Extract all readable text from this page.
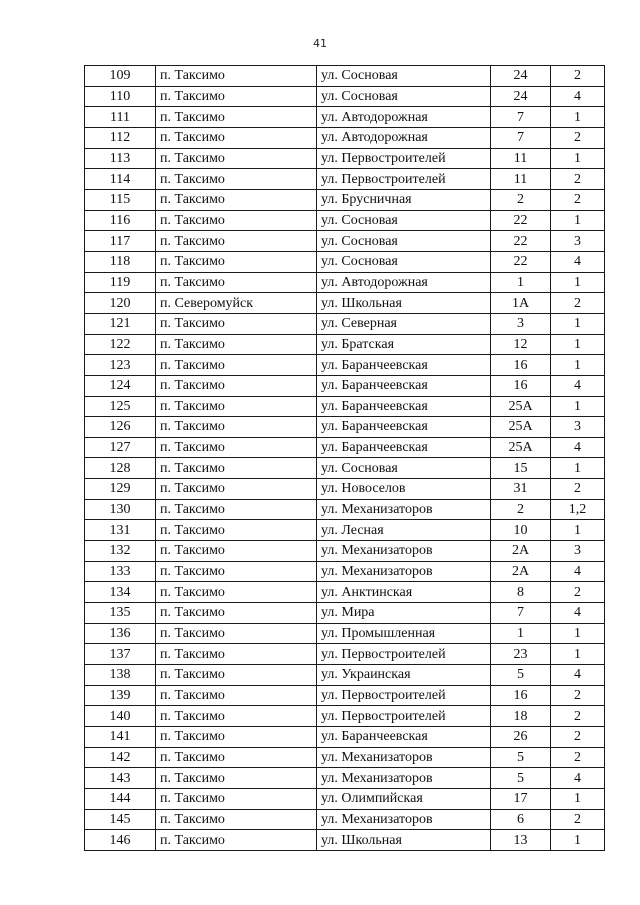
41
109	п. Таксимо	ул. Сосновая	24	2
110	п. Таксимо	ул. Сосновая	24	4
111	п. Таксимо	ул. Автодорожная	7	1
112	п. Таксимо	ул. Автодорожная	7	2
113	п. Таксимо	ул. Первостроителей	11	1
114	п. Таксимо	ул. Первостроителей	11	2
115	п. Таксимо	ул. Брусничная	2	2
116	п. Таксимо	ул. Сосновая	22	1
117	п. Таксимо	ул. Сосновая	22	3
118	п. Таксимо	ул. Сосновая	22	4
119	п. Таксимо	ул. Автодорожная	1	1
120	п. Северомуйск	ул. Школьная	1А	2
121	п. Таксимо	ул. Северная	3	1
122	п. Таксимо	ул. Братская	12	1
123	п. Таксимо	ул. Баранчеевская	16	1
124	п. Таксимо	ул. Баранчеевская	16	4
125	п. Таксимо	ул. Баранчеевская	25А	1
126	п. Таксимо	ул. Баранчеевская	25А	3
127	п. Таксимо	ул. Баранчеевская	25А	4
128	п. Таксимо	ул. Сосновая	15	1
129	п. Таксимо	ул. Новоселов	31	2
130	п. Таксимо	ул. Механизаторов	2	1,2
131	п. Таксимо	ул. Лесная	10	1
132	п. Таксимо	ул. Механизаторов	2А	3
133	п. Таксимо	ул. Механизаторов	2А	4
134	п. Таксимо	ул. Анктинская	8	2
135	п. Таксимо	ул. Мира	7	4
136	п. Таксимо	ул. Промышленная	1	1
137	п. Таксимо	ул. Первостроителей	23	1
138	п. Таксимо	ул. Украинская	5	4
139	п. Таксимо	ул. Первостроителей	16	2
140	п. Таксимо	ул. Первостроителей	18	2
141	п. Таксимо	ул. Баранчеевская	26	2
142	п. Таксимо	ул. Механизаторов	5	2
143	п. Таксимо	ул. Механизаторов	5	4
144	п. Таксимо	ул. Олимпийская	17	1
145	п. Таксимо	ул. Механизаторов	6	2
146	п. Таксимо	ул. Школьная	13	1
